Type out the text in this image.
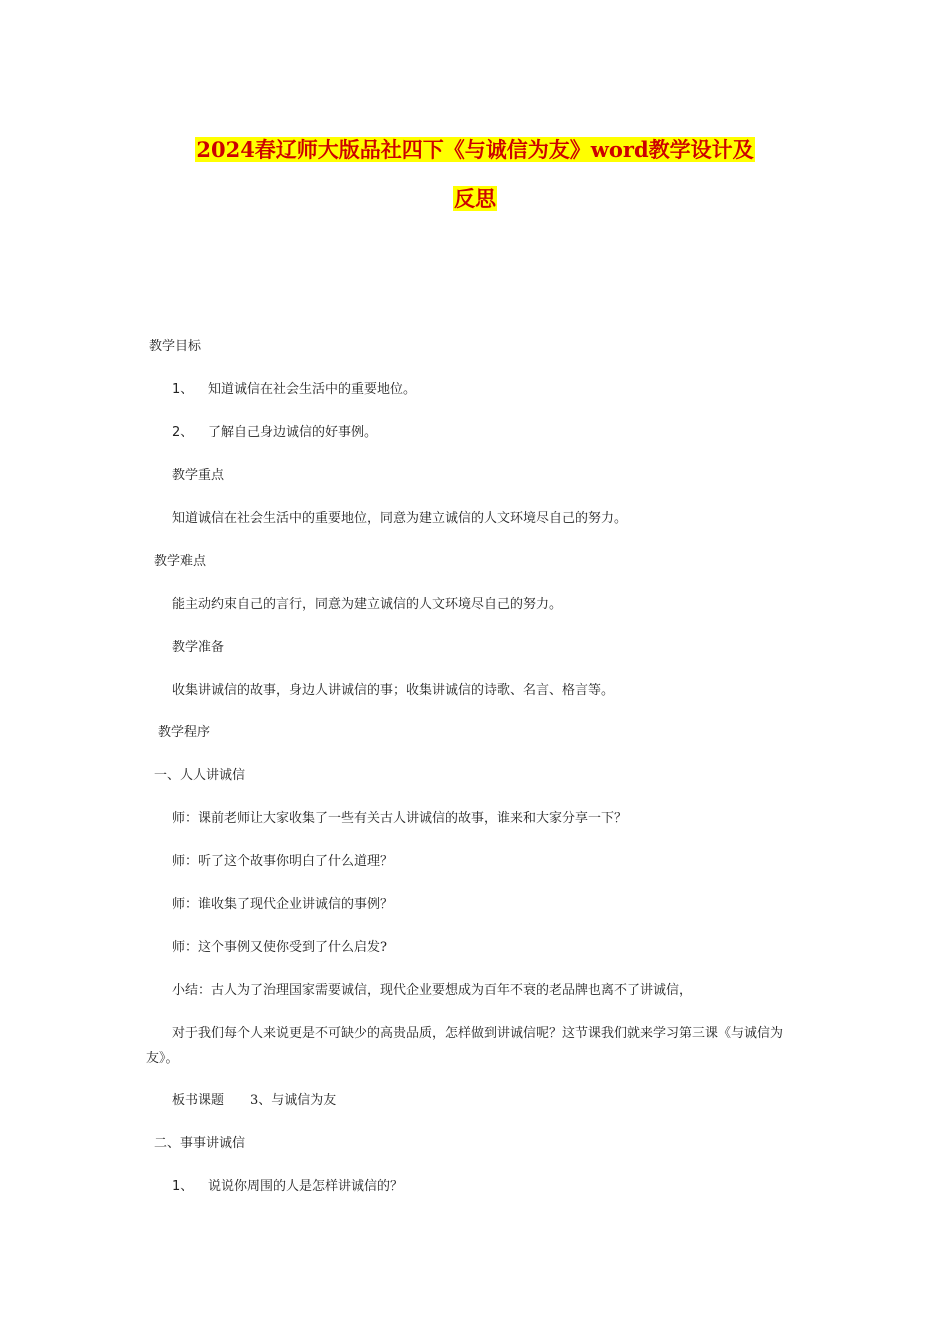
2024春辽师大版品社四下《与诚信为友》word教学设计及
反思
教学目标
1、 知道诚信在社会生活中的重要地位。
2、 了解自己身边诚信的好事例。
教学重点
知道诚信在社会生活中的重要地位，同意为建立诚信的人文环境尽自己的努力。
教学难点
能主动约束自己的言行，同意为建立诚信的人文环境尽自己的努力。
教学准备
收集讲诚信的故事，身边人讲诚信的事；收集讲诚信的诗歌、名言、格言等。
教学程序
一、人人讲诚信
师：课前老师让大家收集了一些有关古人讲诚信的故事，谁来和大家分享一下？
师：听了这个故事你明白了什么道理？
师：谁收集了现代企业讲诚信的事例？
师：这个事例又使你受到了什么启发?
小结：古人为了治理国家需要诚信，现代企业要想成为百年不衰的老品牌也离不了讲诚信，
对于我们每个人来说更是不可缺少的高贵品质，怎样做到讲诚信呢？这节课我们就来学习第三课《与诚信为友》。
板书课题 3、与诚信为友
二、事事讲诚信
1、 说说你周围的人是怎样讲诚信的？
